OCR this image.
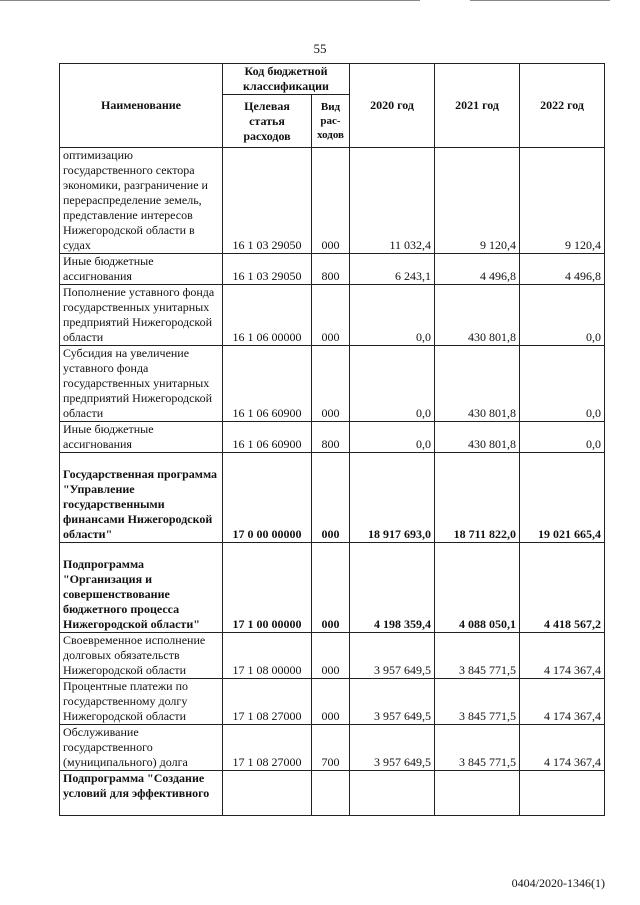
55
Наименование	Код бюджетной классификации		2020 год	2021 год	2022 год
	Целевая статья расходов	Вид рас-ходов			
оптимизацию государственного сектора экономики, разграничение и перераспределение земель, представление интересов Нижегородской области в судах	16 1 03 29050	000	11 032,4	9 120,4	9 120,4
Иные бюджетные ассигнования	16 1 03 29050	800	6 243,1	4 496,8	4 496,8
Пополнение уставного фонда государственных унитарных предприятий Нижегородской области	16 1 06 00000	000	0,0	430 801,8	0,0
Субсидия на увеличение уставного фонда государственных унитарных предприятий Нижегородской области	16 1 06 60900	000	0,0	430 801,8	0,0
Иные бюджетные ассигнования	16 1 06 60900	800	0,0	430 801,8	0,0
Государственная программа "Управление государственными финансами Нижегородской области"	17 0 00 00000	000	18 917 693,0	18 711 822,0	19 021 665,4
Подпрограмма "Организация и совершенствование бюджетного процесса Нижегородской области"	17 1 00 00000	000	4 198 359,4	4 088 050,1	4 418 567,2
Своевременное исполнение долговых обязательств Нижегородской области	17 1 08 00000	000	3 957 649,5	3 845 771,5	4 174 367,4
Процентные платежи по государственному долгу Нижегородской области	17 1 08 27000	000	3 957 649,5	3 845 771,5	4 174 367,4
Обслуживание государственного (муниципального) долга	17 1 08 27000	700	3 957 649,5	3 845 771,5	4 174 367,4
Подпрограмма "Создание условий для эффективного					
0404/2020-1346(1)
